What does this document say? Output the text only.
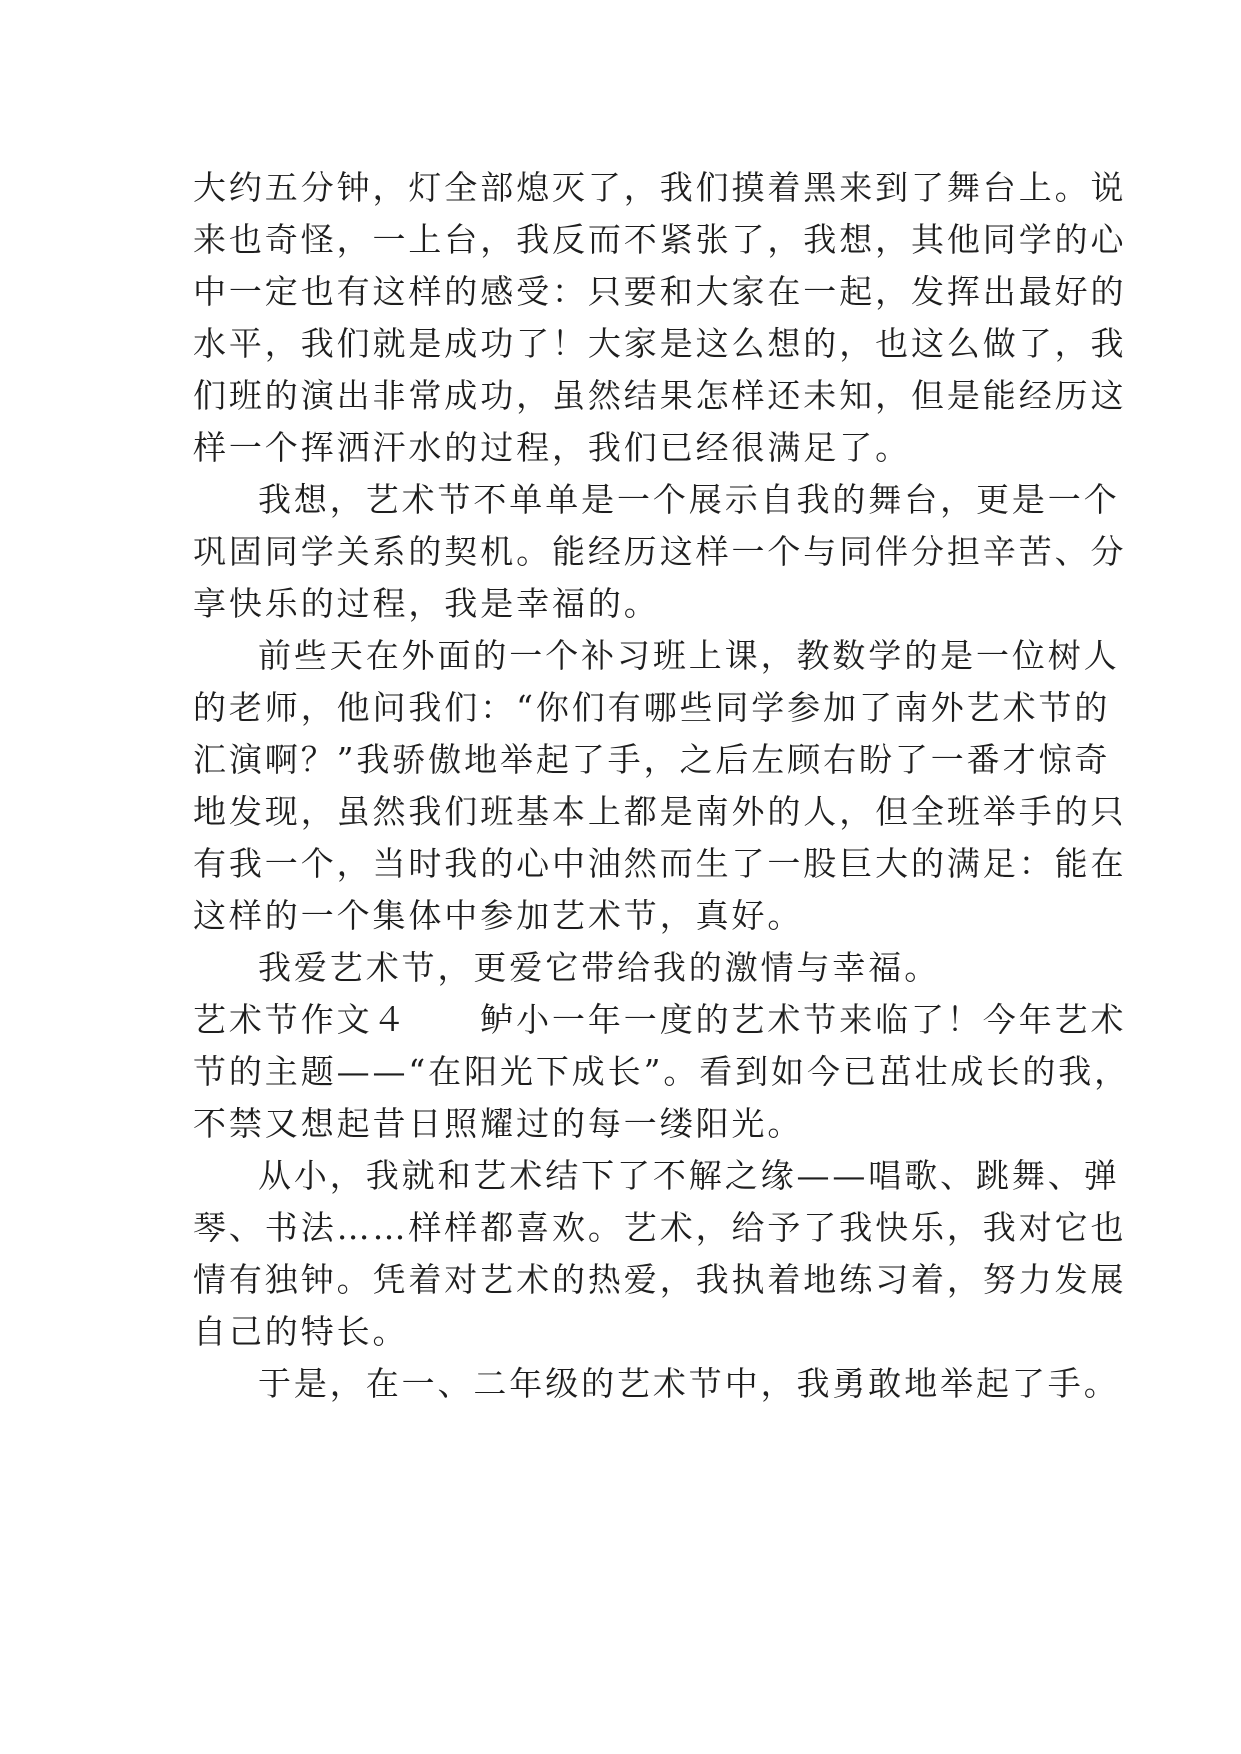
大约五分钟，灯全部熄灭了，我们摸着黑来到了舞台上。说
来也奇怪，一上台，我反而不紧张了，我想，其他同学的心
中一定也有这样的感受：只要和大家在一起，发挥出最好的
水平，我们就是成功了！大家是这么想的，也这么做了，我
们班的演出非常成功，虽然结果怎样还未知，但是能经历这
样一个挥洒汗水的过程，我们已经很满足了。
我想，艺术节不单单是一个展示自我的舞台，更是一个
巩固同学关系的契机。能经历这样一个与同伴分担辛苦、分
享快乐的过程，我是幸福的。
前些天在外面的一个补习班上课，教数学的是一位树人
的老师，他问我们：“你们有哪些同学参加了南外艺术节的
汇演啊？”我骄傲地举起了手，之后左顾右盼了一番才惊奇
地发现，虽然我们班基本上都是南外的人，但全班举手的只
有我一个，当时我的心中油然而生了一股巨大的满足：能在
这样的一个集体中参加艺术节，真好。
我爱艺术节，更爱它带给我的激情与幸福。
艺术节作文４　　鲈小一年一度的艺术节来临了！今年艺术
节的主题——“在阳光下成长”。看到如今已茁壮成长的我，
不禁又想起昔日照耀过的每一缕阳光。
从小，我就和艺术结下了不解之缘——唱歌、跳舞、弹
琴、书法……样样都喜欢。艺术，给予了我快乐，我对它也
情有独钟。凭着对艺术的热爱，我执着地练习着，努力发展
自己的特长。
于是，在一、二年级的艺术节中，我勇敢地举起了手。
